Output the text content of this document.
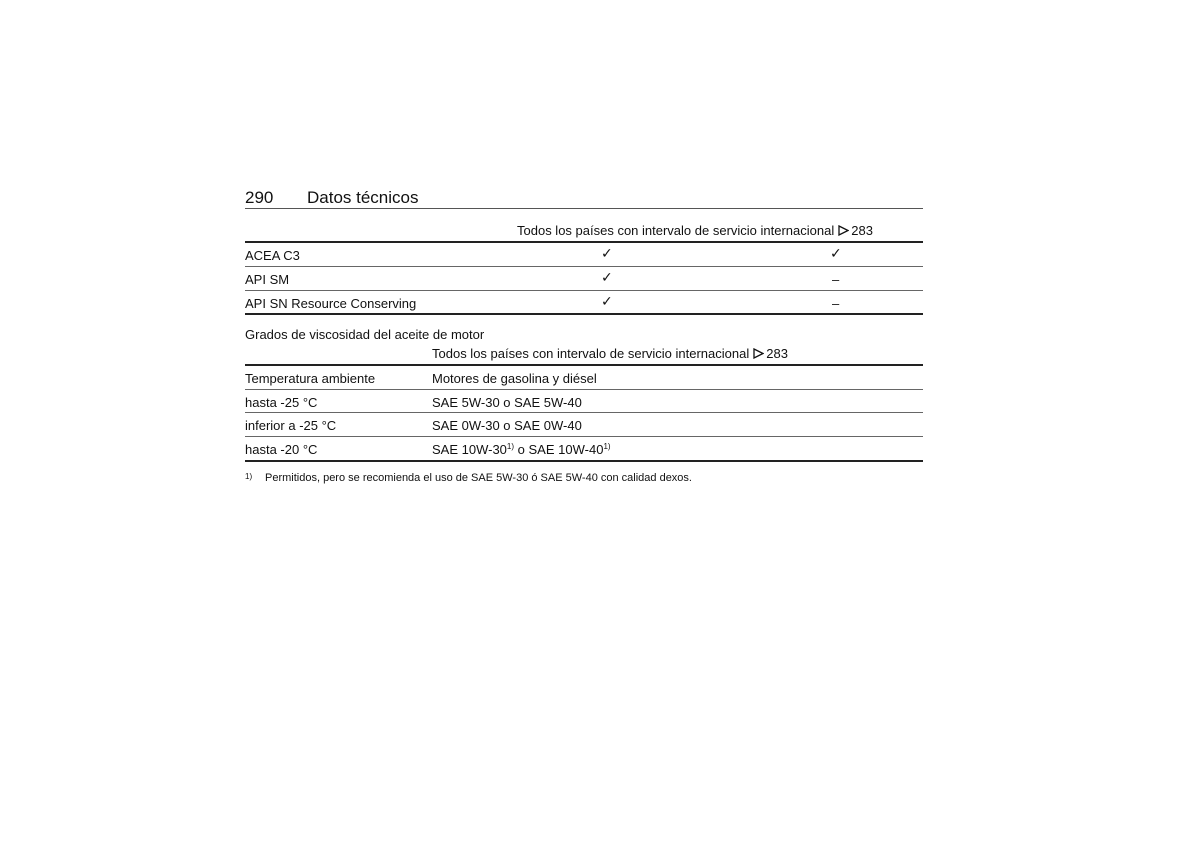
290 Datos técnicos
Todos los países con intervalo de servicio internacional 283
ACEA C3	✓	✓
API SM	✓	–
API SN Resource Conserving	✓	–
Grados de viscosidad del aceite de motor
Todos los países con intervalo de servicio internacional 283
Temperatura ambiente	Motores de gasolina y diésel
hasta -25 °C	SAE 5W-30 o SAE 5W-40
inferior a -25 °C	SAE 0W-30 o SAE 0W-40
hasta -20 °C	SAE 10W-30$^{1)}$ o SAE 10W-40$^{1)}$
1) Permitidos, pero se recomienda el uso de SAE 5W-30 ó SAE 5W-40 con calidad dexos.
